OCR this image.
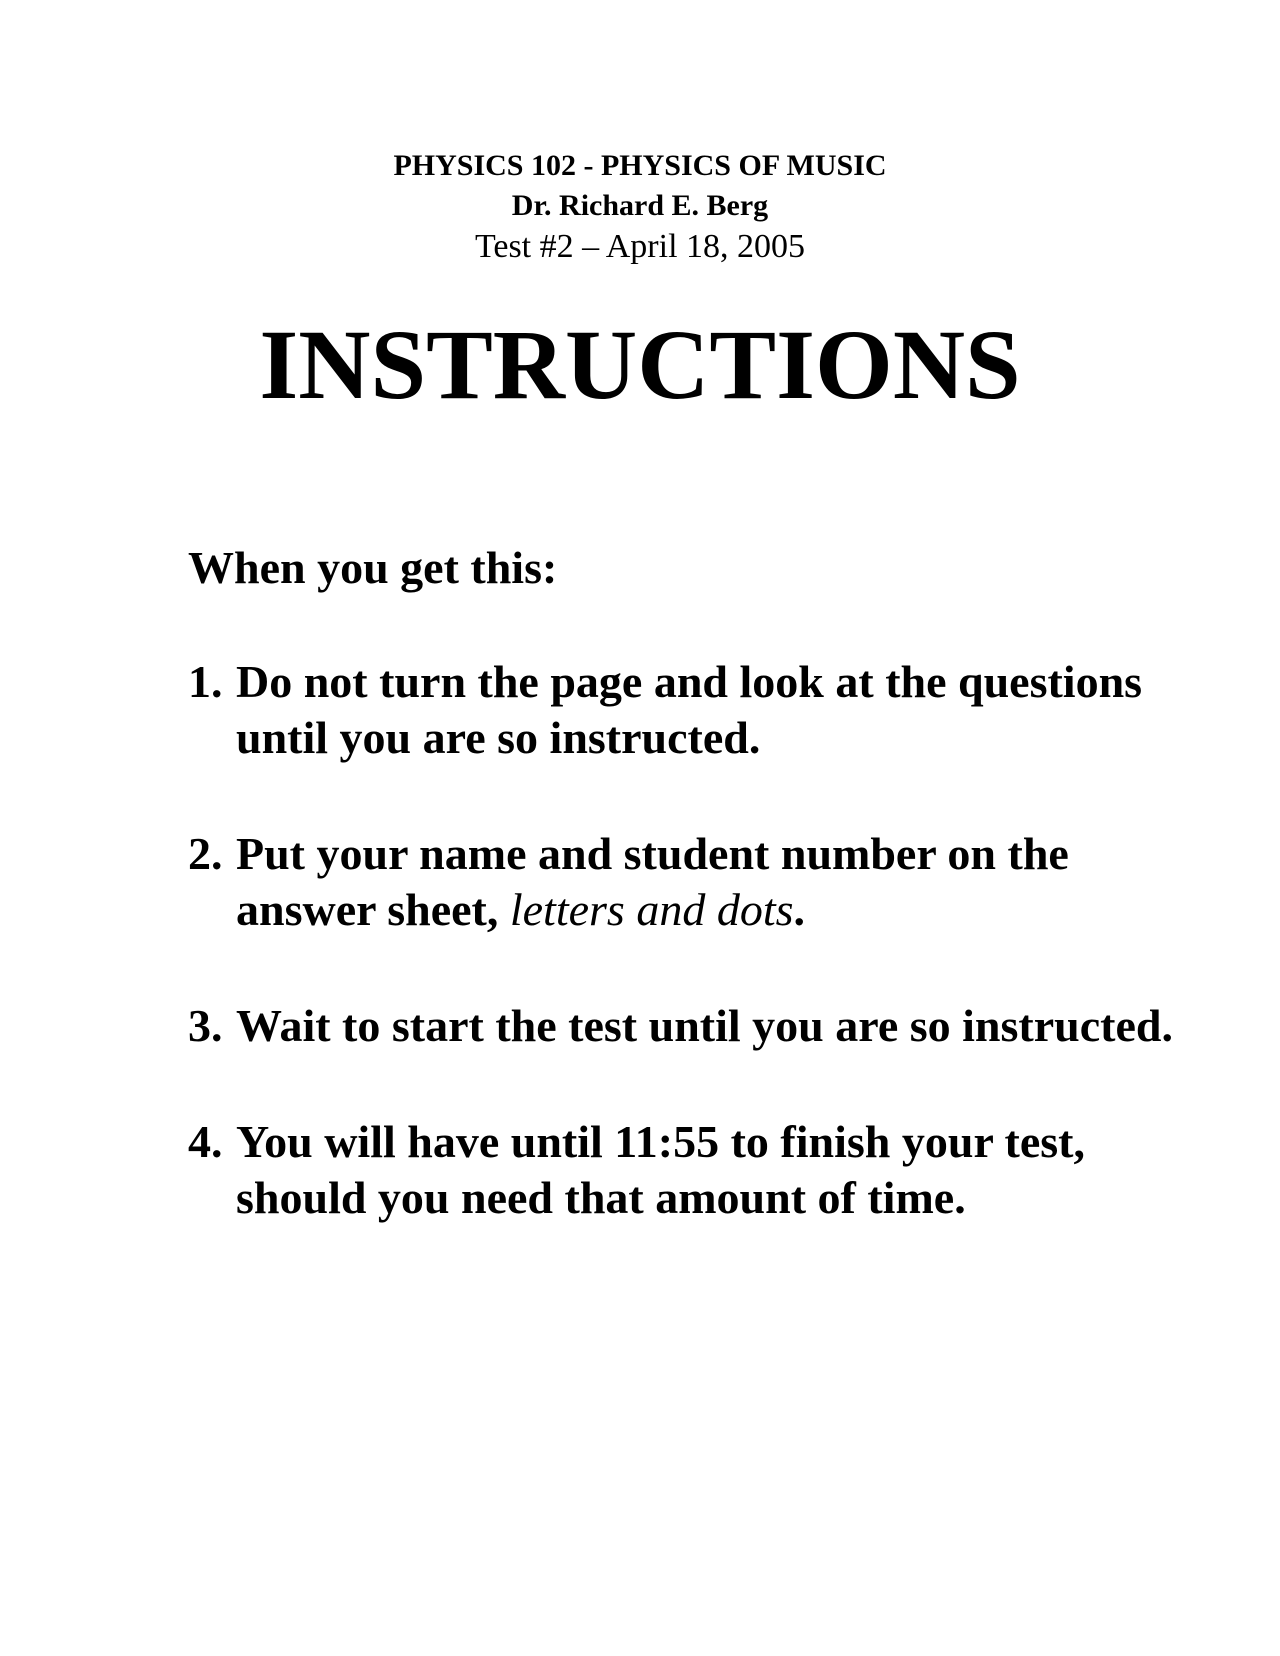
PHYSICS 102 - PHYSICS OF MUSIC
Dr. Richard E. Berg
Test #2 – April 18, 2005
INSTRUCTIONS
When you get this:
1. Do not turn the page and look at the questions until you are so instructed.
2. Put your name and student number on the answer sheet, letters and dots.
3. Wait to start the test until you are so instructed.
4. You will have until 11:55 to finish your test, should you need that amount of time.
